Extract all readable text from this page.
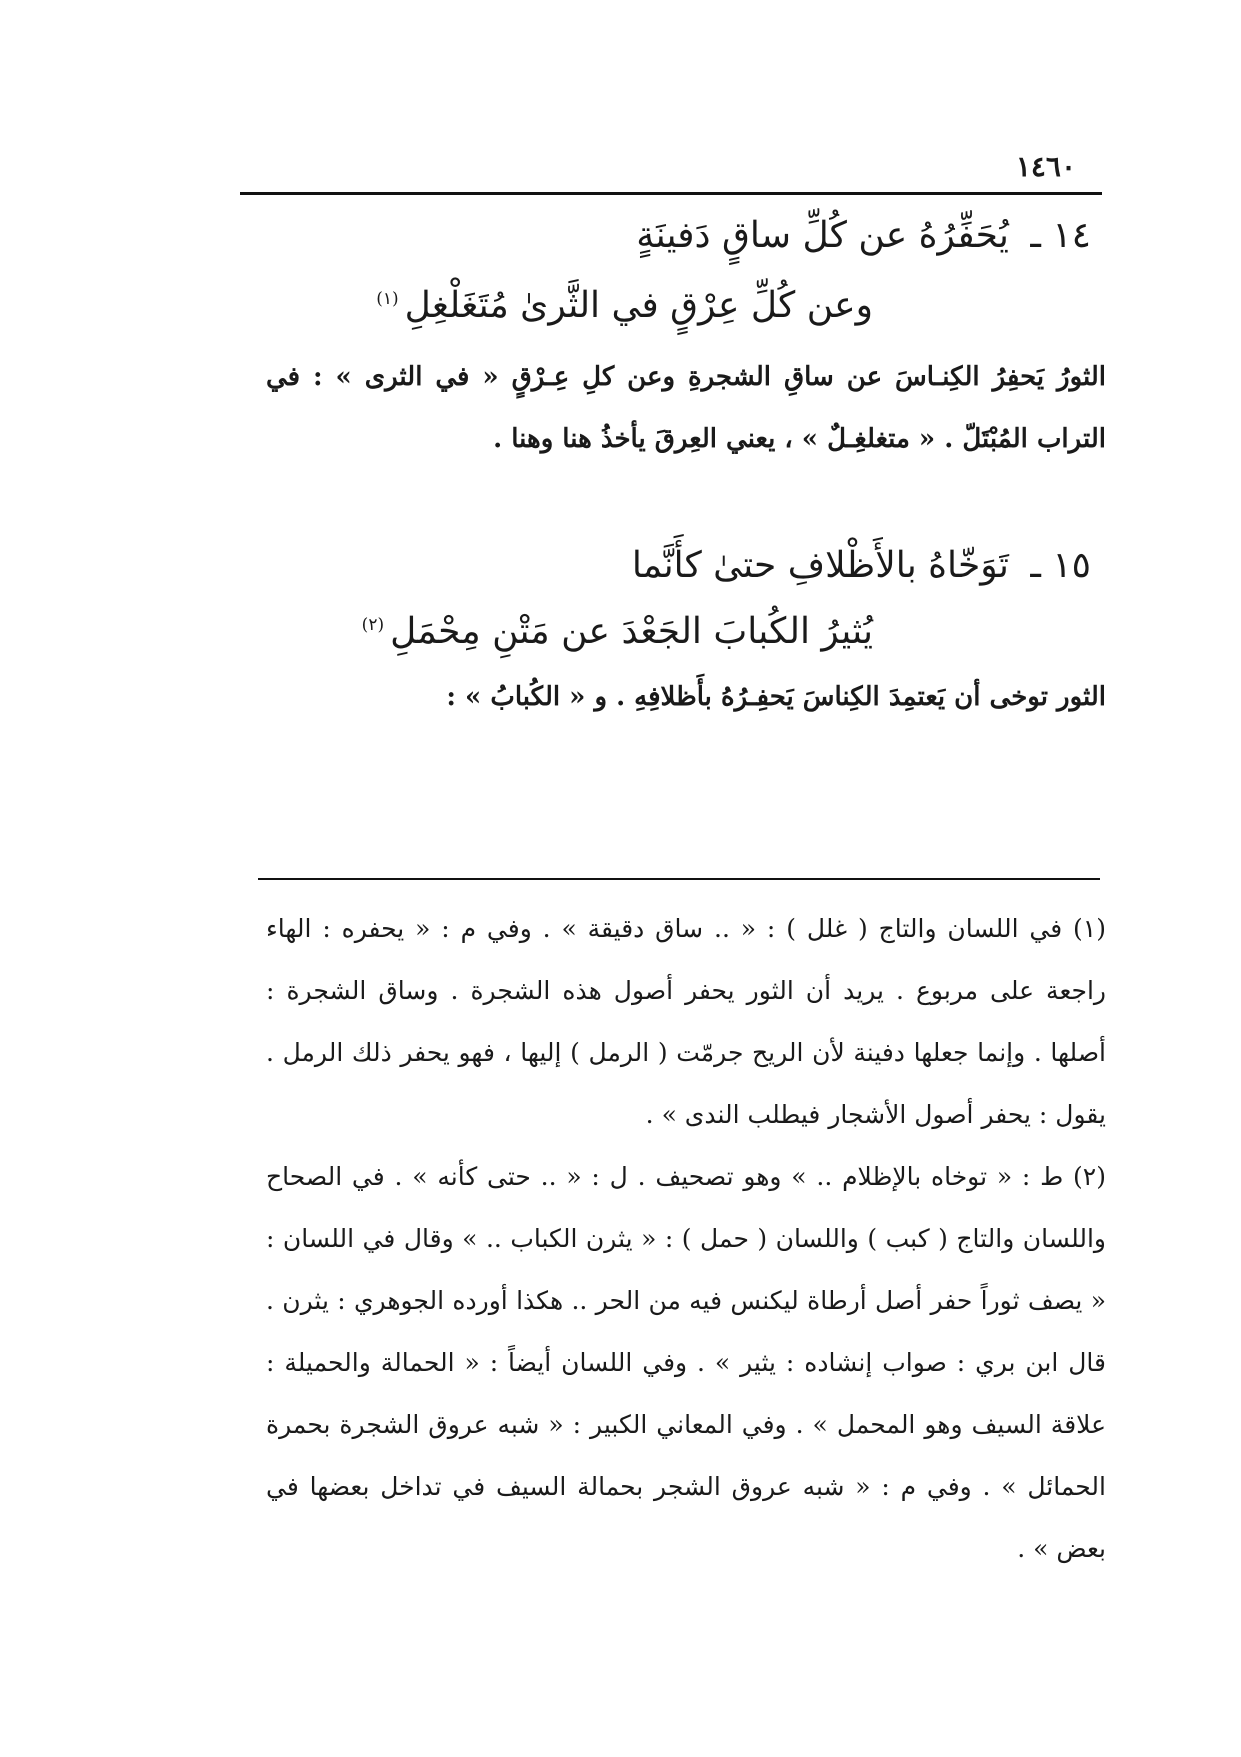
١٤٦٠
١٤ ـ يُحَفِّرُهُ عن كُلِّ ساقٍ دَفينَةٍ
وعن كُلِّ عِرْقٍ في الثَّرىٰ مُتَغَلْغِلِ$^{(١)}$
الثورُ يَحفِرُ الكِنـاسَ عن ساقِ الشجرةِ وعن كلِ عِـرْقٍ « في الثرى » : في التراب المُبْتَلّ . « متغلغِـلٌ » ، يعني العِرقَ يأخذُ هنا وهنا .
١٥ ـ تَوَخّاهُ بالأَظْلافِ حتىٰ كأَنَّما
يُثيرُ الكُبابَ الجَعْدَ عن مَتْنِ مِحْمَلِ$^{(٢)}$
الثور توخى أن يَعتمِدَ الكِناسَ يَحفِـرُهُ بأَظلافِهِ . و « الكُبابُ » :

(١) في اللسان والتاج ( غلل ) : « .. ساق دقيقة » . وفي م : « يحفره : الهاء راجعة على مربوع . يريد أن الثور يحفر أصول هذه الشجرة . وساق الشجرة : أصلها . وإنما جعلها دفينة لأن الريح جرمّت ( الرمل ) إليها ، فهو يحفر ذلك الرمل . يقول : يحفر أصول الأشجار فيطلب الندى » .

(٢) ط : « توخاه بالإظلام .. » وهو تصحيف . ل : « .. حتى كأنه » . في الصحاح واللسان والتاج ( كبب ) واللسان ( حمل ) : « يثرن الكباب .. » وقال في اللسان : « يصف ثوراً حفر أصل أرطاة ليكنس فيه من الحر .. هكذا أورده الجوهري : يثرن . قال ابن بري : صواب إنشاده : يثير » . وفي اللسان أيضاً : « الحمالة والحميلة : علاقة السيف وهو المحمل » . وفي المعاني الكبير : « شبه عروق الشجرة بحمرة الحمائل » . وفي م : « شبه عروق الشجر بحمالة السيف في تداخل بعضها في بعض » .
